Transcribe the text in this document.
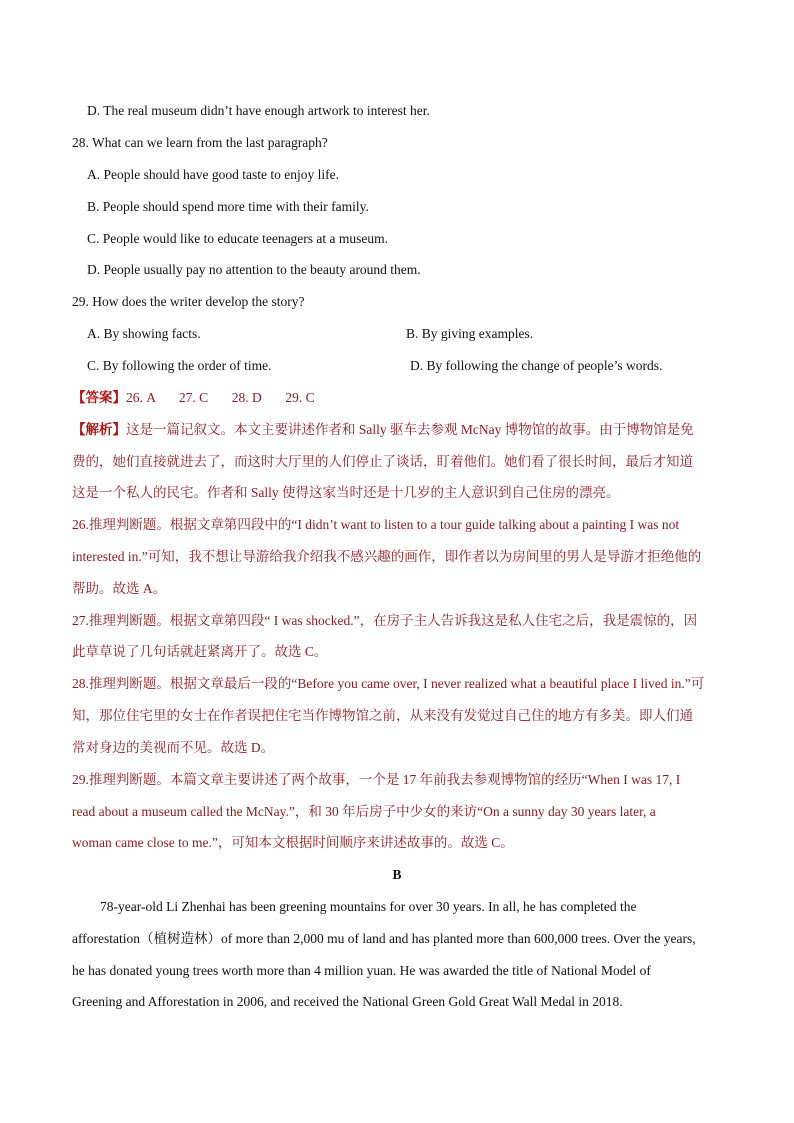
D. The real museum didn’t have enough artwork to interest her.
28. What can we learn from the last paragraph?
A. People should have good taste to enjoy life.
B. People should spend more time with their family.
C. People would like to educate teenagers at a museum.
D. People usually pay no attention to the beauty around them.
29. How does the writer develop the story?
A. By showing facts.	B. By giving examples.
C. By following the order of time.	D. By following the change of people’s words.
【答案】26. A       27. C       28. D       29. C
【解析】这是一篇记叙文。本文主要讲述作者和 Sally 驱车去参观 McNay 博物馆的故事。由于博物馆是免
费的，她们直接就进去了，而这时大厅里的人们停止了谈话，盯着他们。她们看了很长时间，最后才知道
这是一个私人的民宅。作者和 Sally 使得这家当时还是十几岁的主人意识到自己住房的漂亮。
26.推理判断题。根据文章第四段中的“I didn’t want to listen to a tour guide talking about a painting I was not
interested in.”可知，我不想让导游给我介绍我不感兴趣的画作，即作者以为房间里的男人是导游才拒绝他的
帮助。故选 A。
27.推理判断题。根据文章第四段“ I was shocked.”，在房子主人告诉我这是私人住宅之后，我是震惊的，因
此草草说了几句话就赶紧离开了。故选 C。
28.推理判断题。根据文章最后一段的“Before you came over, I never realized what a beautiful place I lived in.”可
知，那位住宅里的女士在作者误把住宅当作博物馆之前，从来没有发觉过自己住的地方有多美。即人们通
常对身边的美视而不见。故选 D。
29.推理判断题。本篇文章主要讲述了两个故事，一个是 17 年前我去参观博物馆的经历“When I was 17, I
read about a museum called the McNay.”，和 30 年后房子中少女的来访“On a sunny day 30 years later, a
woman came close to me.”，可知本文根据时间顺序来讲述故事的。故选 C。
B
78-year-old Li Zhenhai has been greening mountains for over 30 years. In all, he has completed the
afforestation（植树造林）of more than 2,000 mu of land and has planted more than 600,000 trees. Over the years,
he has donated young trees worth more than 4 million yuan. He was awarded the title of National Model of
Greening and Afforestation in 2006, and received the National Green Gold Great Wall Medal in 2018.
